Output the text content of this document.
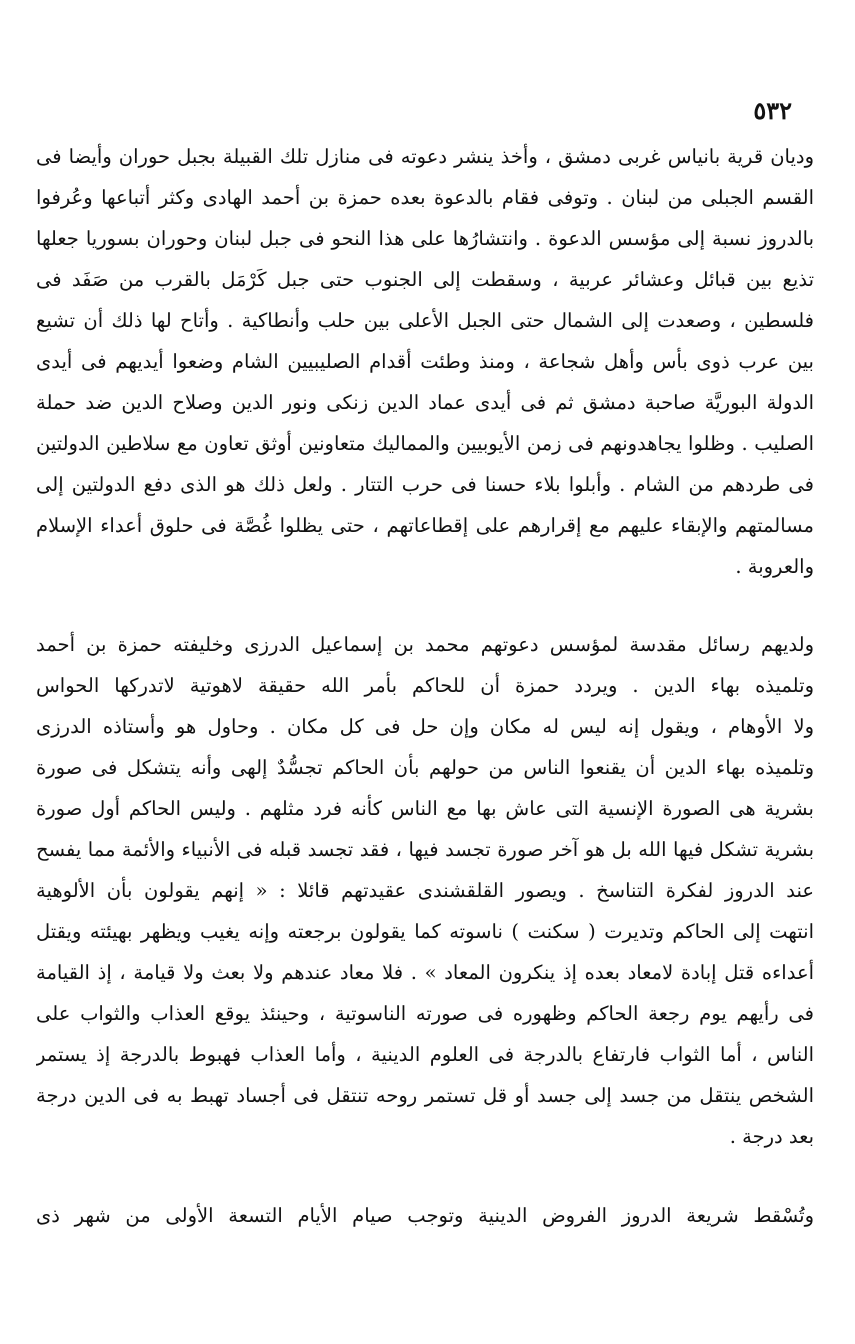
٥٣٢
وديان قرية بانياس غربى دمشق ، وأخذ ينشر دعوته فى منازل تلك القبيلة بجبل حوران وأيضا فى
القسم الجبلى من لبنان . وتوفى فقام بالدعوة بعده حمزة بن أحمد الهادى وكثر أتباعها وعُرفوا
بالدروز نسبة إلى مؤسس الدعوة . وانتشارُها على هذا النحو فى جبل لبنان وحوران بسوريا جعلها
تذيع بين قبائل وعشائر عربية ، وسقطت إلى الجنوب حتى جبل كَرْمَل بالقرب من صَفَد فى
فلسطين ، وصعدت إلى الشمال حتى الجبل الأعلى بين حلب وأنطاكية . وأتاح لها ذلك أن تشيع
بين عرب ذوى بأس وأهل شجاعة ، ومنذ وطئت أقدام الصليبيين الشام وضعوا أيديهم فى أيدى
الدولة البوريَّة صاحبة دمشق ثم فى أيدى عماد الدين زنكى ونور الدين وصلاح الدين ضد حملة
الصليب . وظلوا يجاهدونهم فى زمن الأيوبيين والمماليك متعاونين أوثق تعاون مع سلاطين الدولتين
فى طردهم من الشام . وأبلوا بلاء حسنا فى حرب التتار . ولعل ذلك هو الذى دفع الدولتين إلى
مسالمتهم والإبقاء عليهم مع إقرارهم على إقطاعاتهم ، حتى يظلوا غُصَّة فى حلوق أعداء الإسلام
والعروبة .
ولديهم رسائل مقدسة لمؤسس دعوتهم محمد بن إسماعيل الدرزى وخليفته حمزة بن أحمد
وتلميذه بهاء الدين . ويردد حمزة أن للحاكم بأمر الله حقيقة لاهوتية لاتدركها الحواس
ولا الأوهام ، ويقول إنه ليس له مكان وإن حل فى كل مكان . وحاول هو وأستاذه الدرزى
وتلميذه بهاء الدين أن يقنعوا الناس من حولهم بأن الحاكم تجسُّدٌ إلهى وأنه يتشكل فى صورة
بشرية هى الصورة الإنسية التى عاش بها مع الناس كأنه فرد مثلهم . وليس الحاكم أول صورة
بشرية تشكل فيها الله بل هو آخر صورة تجسد فيها ، فقد تجسد قبله فى الأنبياء والأئمة مما يفسح
عند الدروز لفكرة التناسخ . ويصور القلقشندى عقيدتهم قائلا : « إنهم يقولون بأن الألوهية
انتهت إلى الحاكم وتديرت ( سكنت ) ناسوته كما يقولون برجعته وإنه يغيب ويظهر بهيئته ويقتل
أعداءه قتل إبادة لامعاد بعده إذ ينكرون المعاد » . فلا معاد عندهم ولا بعث ولا قيامة ، إذ القيامة
فى رأيهم يوم رجعة الحاكم وظهوره فى صورته الناسوتية ، وحينئذ يوقع العذاب والثواب على
الناس ، أما الثواب فارتفاع بالدرجة فى العلوم الدينية ، وأما العذاب فهبوط بالدرجة إذ يستمر
الشخص ينتقل من جسد إلى جسد أو قل تستمر روحه تنتقل فى أجساد تهبط به فى الدين درجة
بعد درجة .
وتُسْقط شريعة الدروز الفروض الدينية وتوجب صيام الأيام التسعة الأولى من شهر ذى
